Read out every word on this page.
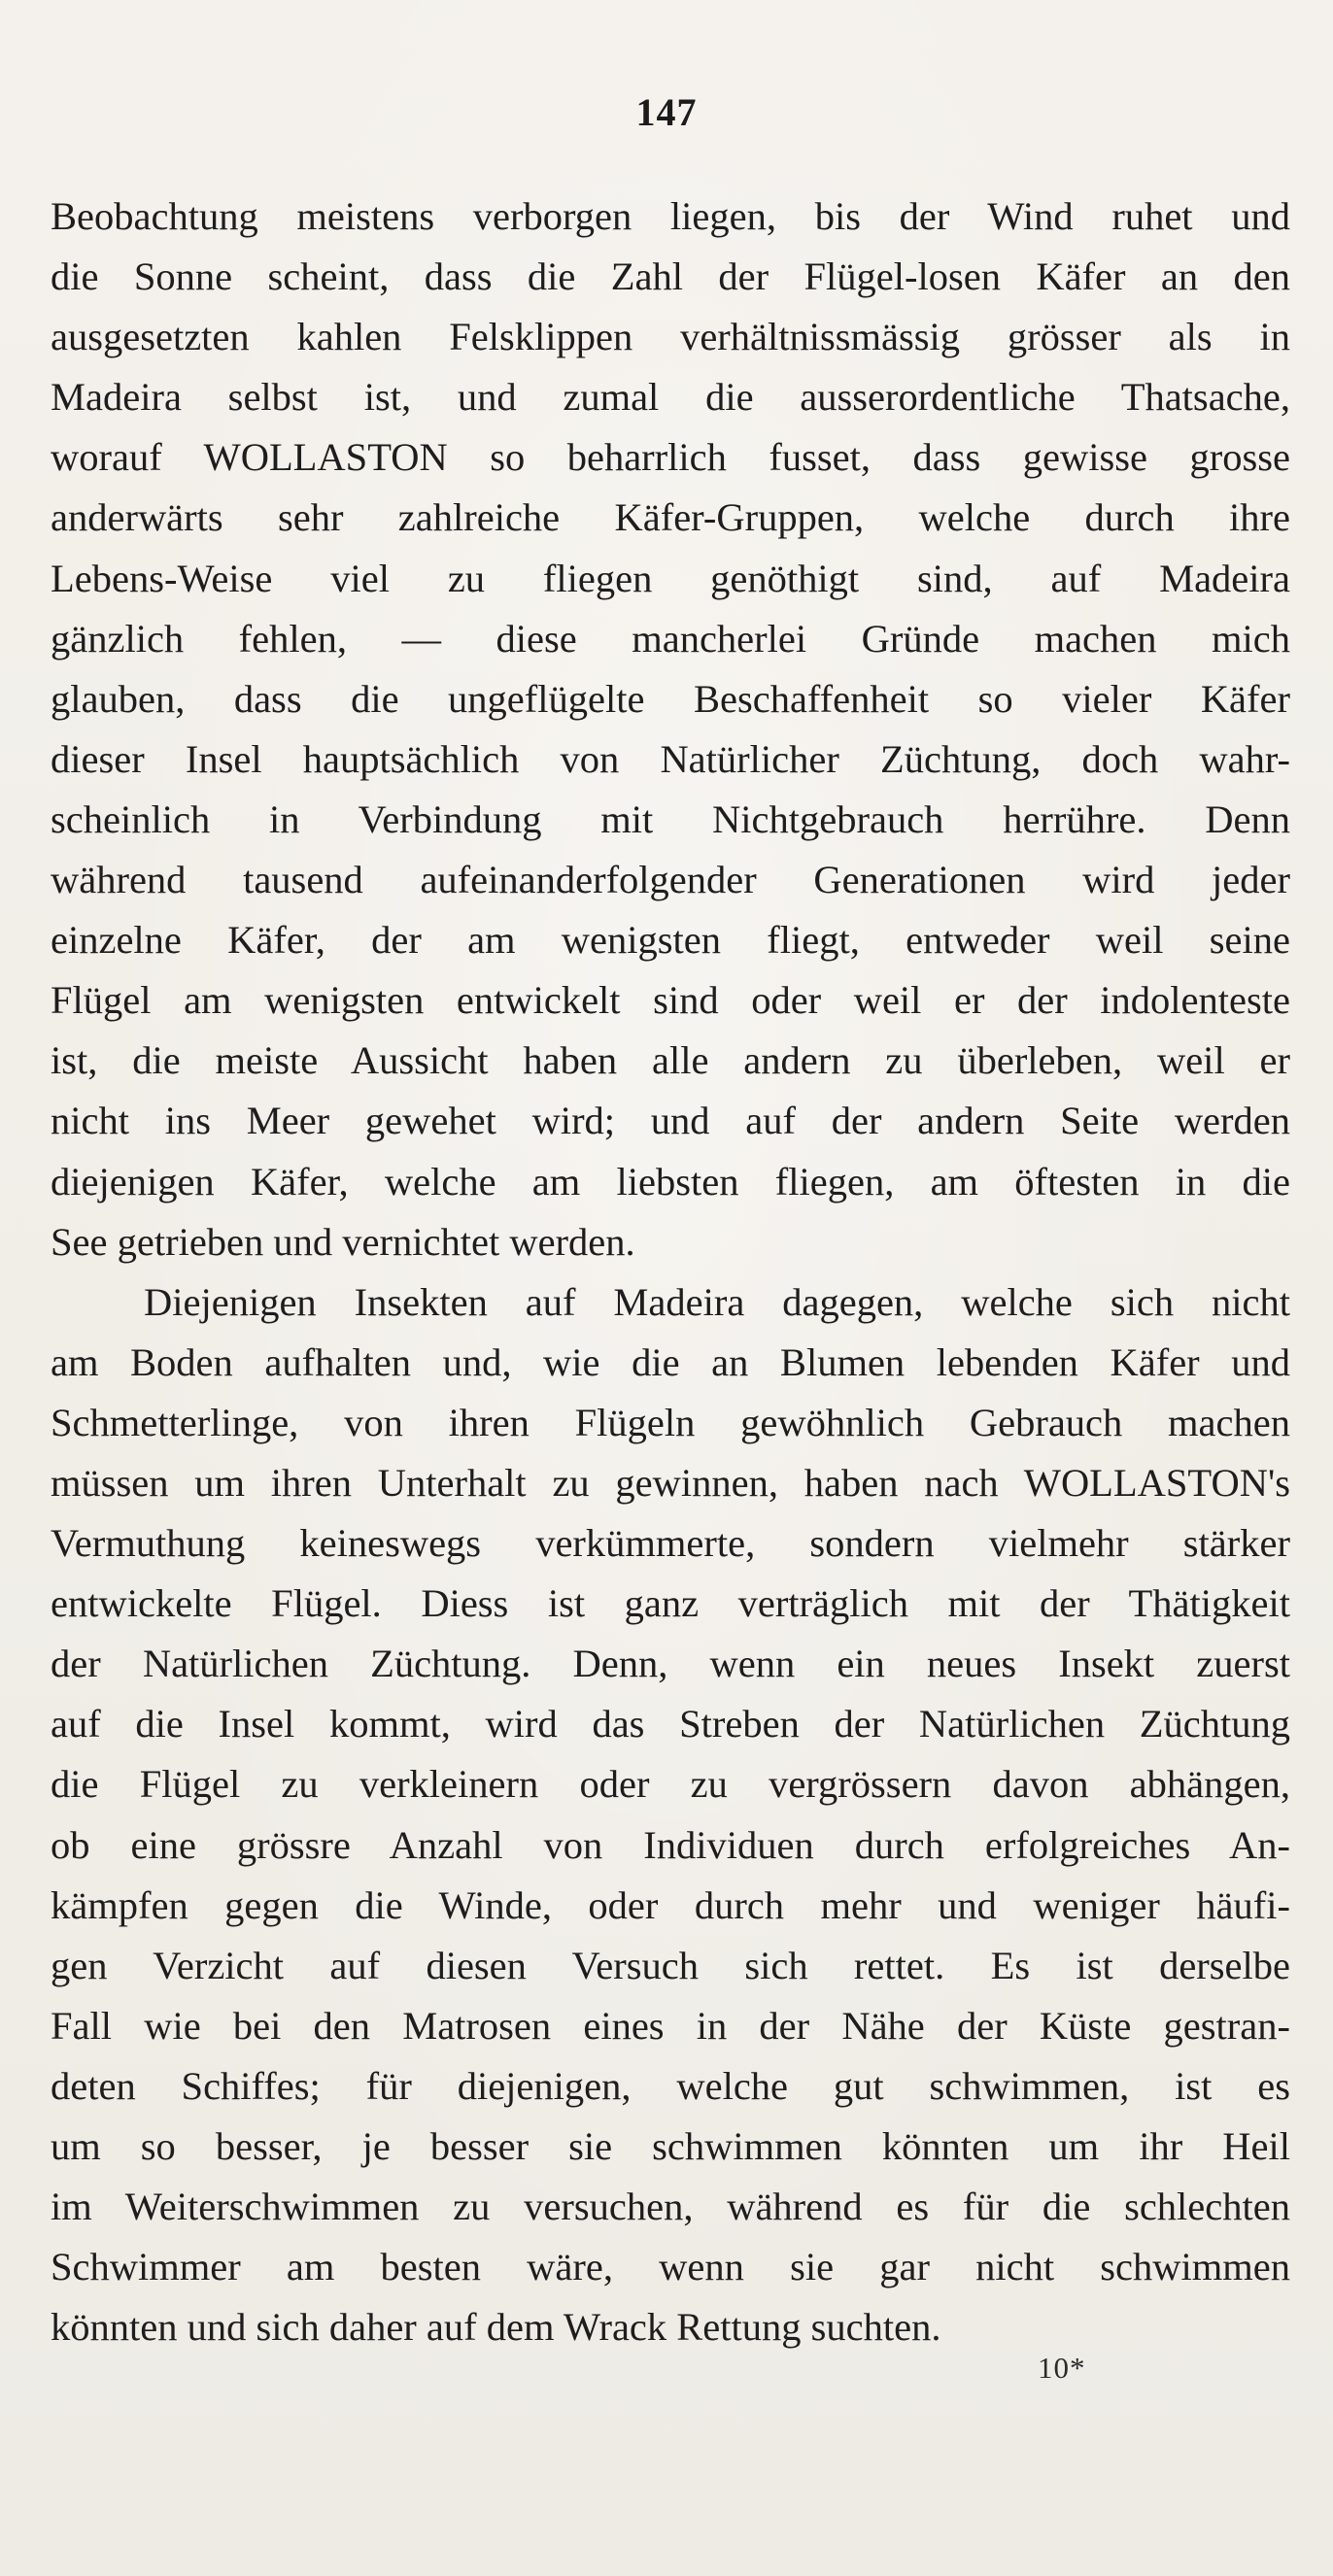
147
Beobachtung meistens verborgen liegen, bis der Wind ruhet und
die Sonne scheint, dass die Zahl der Flügel-losen Käfer an den
ausgesetzten kahlen Felsklippen verhältnissmässig grösser als in
Madeira selbst ist, und zumal die ausserordentliche Thatsache,
worauf WOLLASTON so beharrlich fusset, dass gewisse grosse
anderwärts sehr zahlreiche Käfer-Gruppen, welche durch ihre
Lebens-Weise viel zu fliegen genöthigt sind, auf Madeira
gänzlich fehlen, — diese mancherlei Gründe machen mich
glauben, dass die ungeflügelte Beschaffenheit so vieler Käfer
dieser Insel hauptsächlich von Natürlicher Züchtung, doch wahr-
scheinlich in Verbindung mit Nichtgebrauch herrühre. Denn
während tausend aufeinanderfolgender Generationen wird jeder
einzelne Käfer, der am wenigsten fliegt, entweder weil seine
Flügel am wenigsten entwickelt sind oder weil er der indolenteste
ist, die meiste Aussicht haben alle andern zu überleben, weil er
nicht ins Meer gewehet wird; und auf der andern Seite werden
diejenigen Käfer, welche am liebsten fliegen, am öftesten in die
See getrieben und vernichtet werden.
Diejenigen Insekten auf Madeira dagegen, welche sich nicht
am Boden aufhalten und, wie die an Blumen lebenden Käfer und
Schmetterlinge, von ihren Flügeln gewöhnlich Gebrauch machen
müssen um ihren Unterhalt zu gewinnen, haben nach WOLLASTON's
Vermuthung keineswegs verkümmerte, sondern vielmehr stärker
entwickelte Flügel. Diess ist ganz verträglich mit der Thätigkeit
der Natürlichen Züchtung. Denn, wenn ein neues Insekt zuerst
auf die Insel kommt, wird das Streben der Natürlichen Züchtung
die Flügel zu verkleinern oder zu vergrössern davon abhängen,
ob eine grössre Anzahl von Individuen durch erfolgreiches An-
kämpfen gegen die Winde, oder durch mehr und weniger häufi-
gen Verzicht auf diesen Versuch sich rettet. Es ist derselbe
Fall wie bei den Matrosen eines in der Nähe der Küste gestran-
deten Schiffes; für diejenigen, welche gut schwimmen, ist es
um so besser, je besser sie schwimmen könnten um ihr Heil
im Weiterschwimmen zu versuchen, während es für die schlechten
Schwimmer am besten wäre, wenn sie gar nicht schwimmen
könnten und sich daher auf dem Wrack Rettung suchten.
10*
